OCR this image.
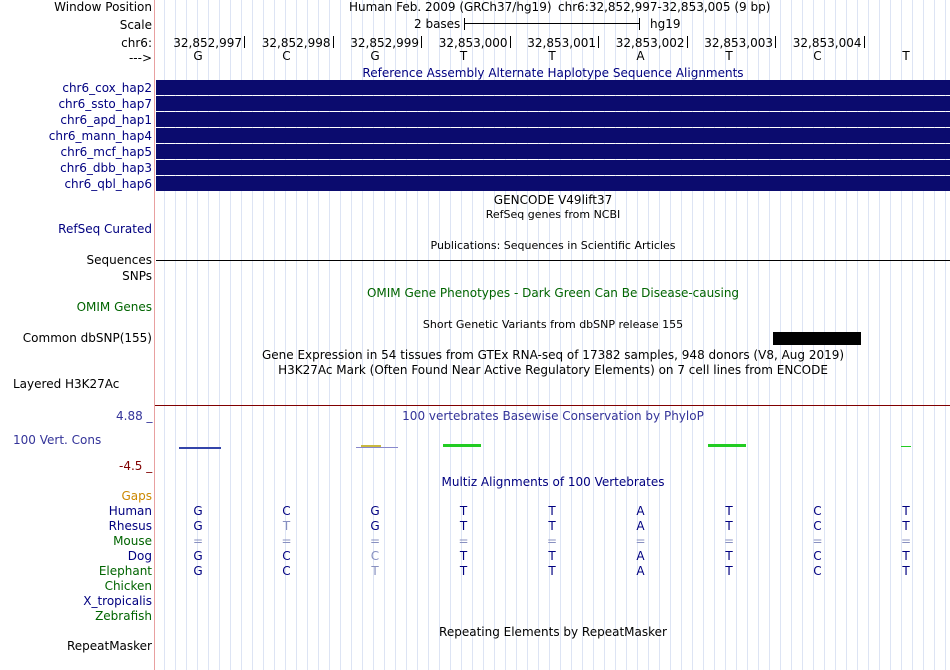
Window Position	Human Feb. 2009 (GRCh37/hg19) chr6:32,852,997-32,853,005 (9 bp)
Scale	2 bases	hg19
chr6: 32,852,997 32,852,998 32,852,999 32,853,000 32,853,001 32,853,002 32,853,003 32,853,004
--->	G	C	G	T	T	A	T	C	T
Reference Assembly Alternate Haplotype Sequence Alignments
chr6_cox_hap2
chr6_ssto_hap7
chr6_apd_hap1
chr6_mann_hap4
chr6_mcf_hap5
chr6_dbb_hap3
chr6_qbl_hap6
GENCODE V49lift37
RefSeq genes from NCBI
RefSeq Curated
Publications: Sequences in Scientific Articles
Sequences
SNPs
OMIM Gene Phenotypes - Dark Green Can Be Disease-causing
OMIM Genes
Short Genetic Variants from dbSNP release 155
Common dbSNP(155)
Gene Expression in 54 tissues from GTEx RNA-seq of 17382 samples, 948 donors (V8, Aug 2019)
H3K27Ac Mark (Often Found Near Active Regulatory Elements) on 7 cell lines from ENCODE
Layered H3K27Ac
100 vertebrates Basewise Conservation by PhyloP
4.88 _
100 Vert. Cons
-4.5 _
Multiz Alignments of 100 Vertebrates
Gaps
Human	G	C	G	T	T	A	T	C	T
Rhesus	G	T	G	T	T	A	T	C	T
Mouse	=	=	=	=	=	=	=	=	=
Dog	G	C	C	T	T	A	T	C	T
Elephant	G	C	T	T	T	A	T	C	T
Chicken
X_tropicalis
Zebrafish
Repeating Elements by RepeatMasker
RepeatMasker
